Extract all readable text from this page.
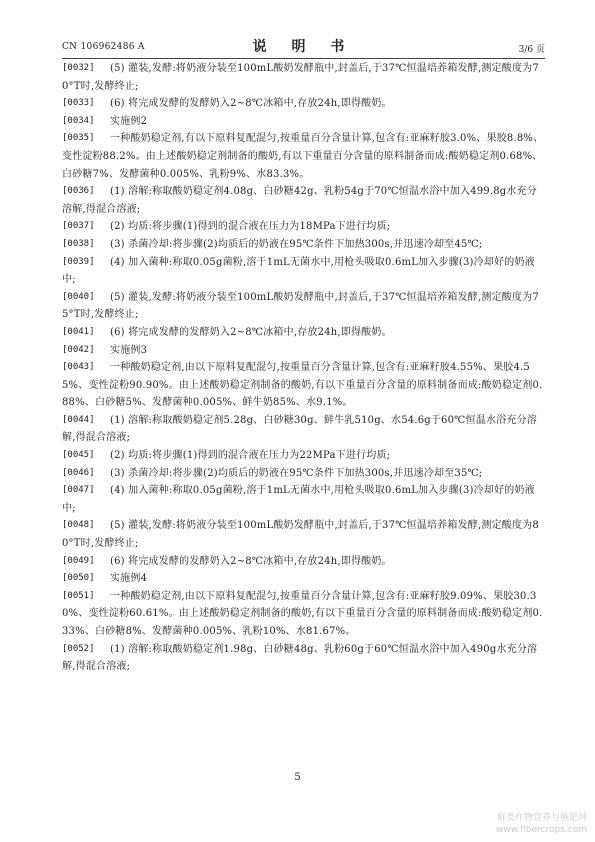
CN 106962486 A	说 明 书	3/6 页
[0032]	(5) 灌装,发酵:将奶液分装至100mL酸奶发酵瓶中,封盖后,于37℃恒温培养箱发酵,测定酸度为70°T时,发酵终止;
[0033]	(6) 将完成发酵的发酵奶入2~8℃冰箱中,存放24h,即得酸奶。
[0034]	实施例2
[0035]	一种酸奶稳定剂,有以下原料复配混匀,按重量百分含量计算,包含有:亚麻籽胶3.0%、果胶8.8%、变性淀粉88.2%。由上述酸奶稳定剂制备的酸奶,有以下重量百分含量的原料制备而成:酸奶稳定剂0.68%、白砂糖7%、发酵菌种0.005%、乳粉9%、水83.3%。
[0036]	(1) 溶解:称取酸奶稳定剂4.08g、白砂糖42g、乳粉54g于70℃恒温水浴中加入499.8g水充分溶解,得混合溶液;
[0037]	(2) 均质:将步骤(1)得到的混合液在压力为18MPa下进行均质;
[0038]	(3) 杀菌冷却:将步骤(2)均质后的奶液在95℃条件下加热300s,并迅速冷却至45℃;
[0039]	(4) 加入菌种:称取0.05g菌粉,溶于1mL无菌水中,用枪头吸取0.6mL加入步骤(3)冷却好的奶液中;
[0040]	(5) 灌装,发酵:将奶液分装至100mL酸奶发酵瓶中,封盖后,于37℃恒温培养箱发酵,测定酸度为75°T时,发酵终止;
[0041]	(6) 将完成发酵的发酵奶入2~8℃冰箱中,存放24h,即得酸奶。
[0042]	实施例3
[0043]	一种酸奶稳定剂,由以下原料复配混匀,按重量百分含量计算,包含有:亚麻籽胶4.55%、果胶4.55%、变性淀粉90.90%。由上述酸奶稳定剂制备的酸奶,有以下重量百分含量的原料制备而成:酸奶稳定剂0.88%、白砂糖5%、发酵菌种0.005%、鲜牛奶85%、水9.1%。
[0044]	(1) 溶解:称取酸奶稳定剂5.28g、白砂糖30g、鲜牛乳510g、水54.6g于60℃恒温水浴充分溶解,得混合溶液;
[0045]	(2) 均质:将步骤(1)得到的混合液在压力为22MPa下进行均质;
[0046]	(3) 杀菌冷却:将步骤(2)均质后的奶液在95℃条件下加热300s,并迅速冷却至35℃;
[0047]	(4) 加入菌种:称取0.05g菌粉,溶于1mL无菌水中,用枪头吸取0.6mL加入步骤(3)冷却好的奶液中;
[0048]	(5) 灌装,发酵:将奶液分装至100mL酸奶发酵瓶中,封盖后,于37℃恒温培养箱发酵,测定酸度为80°T时,发酵终止;
[0049]	(6) 将完成发酵的发酵奶入2~8℃冰箱中,存放24h,即得酸奶。
[0050]	实施例4
[0051]	一种酸奶稳定剂,由以下原料复配混匀,按重量百分含量计算,包含有:亚麻籽胶9.09%、果胶30.30%、变性淀粉60.61%。由上述酸奶稳定剂制备的酸奶,有以下重量百分含量的原料制备而成:酸奶稳定剂0.33%、白砂糖8%、发酵菌种0.005%、乳粉10%、水81.67%。
[0052]	(1) 溶解:称取酸奶稳定剂1.98g、白砂糖48g、乳粉60g于60℃恒温水浴中加入490g水充分溶解,得混合溶液;
5
麻类作物营养与施肥网
www.fibercrops.com
